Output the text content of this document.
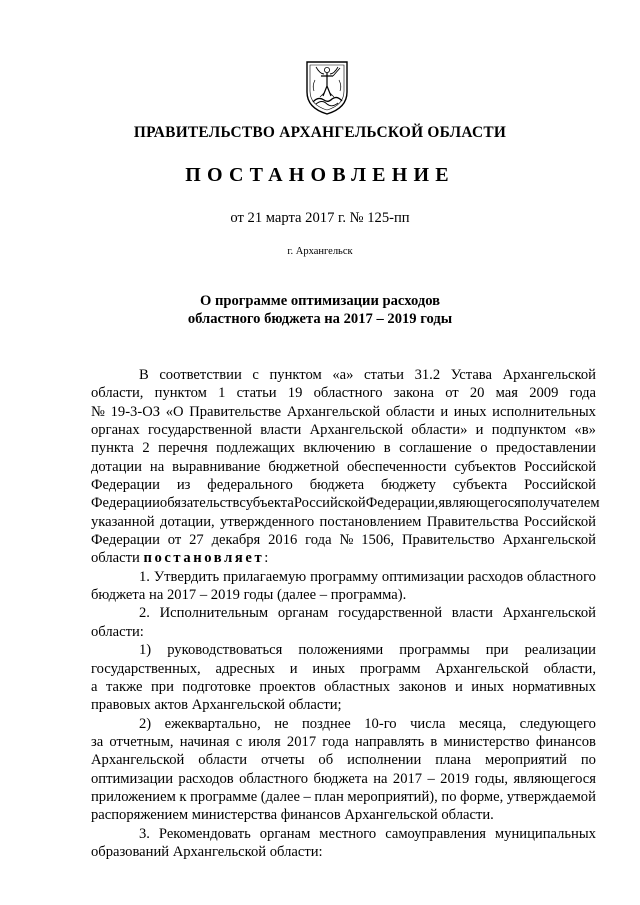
ПРАВИТЕЛЬСТВО АРХАНГЕЛЬСКОЙ ОБЛАСТИ
ПОСТАНОВЛЕНИЕ
от 21 марта 2017 г. № 125-пп
г. Архангельск
О программе оптимизации расходов
областного бюджета на 2017 – 2019 годы
В соответствии с пунктом «а» статьи 31.2 Устава Архангельской
области, пунктом 1 статьи 19 областного закона от 20 мая 2009 года
№ 19-3-ОЗ «О Правительстве Архангельской области и иных исполнительных
органах государственной власти Архангельской области» и подпунктом «в»
пункта 2 перечня подлежащих включению в соглашение о предоставлении
дотации на выравнивание бюджетной обеспеченности субъектов Российской
Федерации из федерального бюджета бюджету субъекта Российской
Федерации обязательств субъекта Российской Федерации, являющегося получателем
указанной дотации, утвержденного постановлением Правительства Российской
Федерации от 27 декабря 2016 года № 1506, Правительство Архангельской
области постановляет :
1. Утвердить прилагаемую программу оптимизации расходов областного
бюджета на 2017 – 2019 годы (далее – программа).
2. Исполнительным органам государственной власти Архангельской
области:
1) руководствоваться положениями программы при реализации
государственных, адресных и иных программ Архангельской области,
а также при подготовке проектов областных законов и иных нормативных
правовых актов Архангельской области;
2) ежеквартально, не позднее 10-го числа месяца, следующего
за отчетным, начиная с июля 2017 года направлять в министерство финансов
Архангельской области отчеты об исполнении плана мероприятий по
оптимизации расходов областного бюджета на 2017 – 2019 годы, являющегося
приложением к программе (далее – план мероприятий), по форме, утверждаемой
распоряжением министерства финансов Архангельской области.
3. Рекомендовать органам местного самоуправления муниципальных
образований Архангельской области:
